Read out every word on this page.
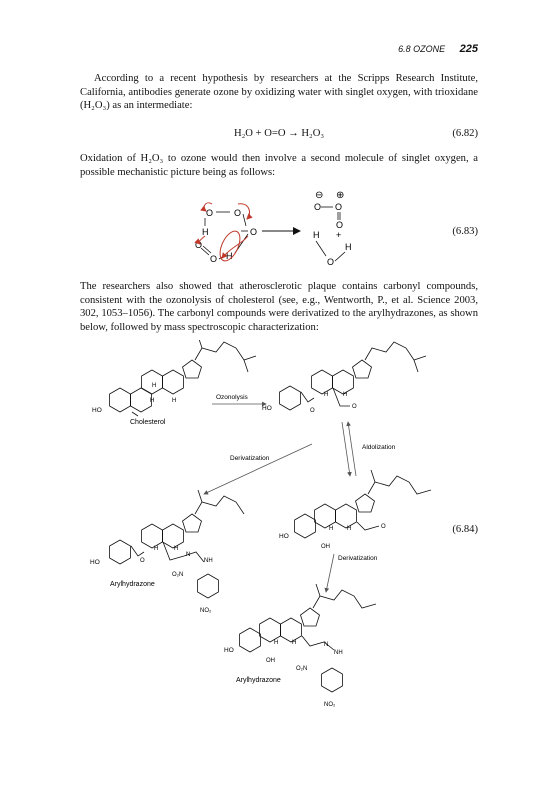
6.8 OZONE 225

According to a recent hypothesis by researchers at the Scripps Research Institute, California, antibodies generate ozone by oxidizing water with singlet oxygen, with trioxidane (H₂O₃) as an intermediate:

H₂O + O=O → H₂O₃	(6.82)

Oxidation of H₂O₃ to ozone would then involve a second molecule of singlet oxygen, a possible mechanistic picture being as follows:

O O
H	O
O
O H
⊖ ⊕
O O
O
H +
O
H
(6.83)

The researchers also showed that atherosclerotic plaque contains carbonyl compounds, consistent with the ozonolysis of cholesterol (see, e.g., Wentworth, P., et al. Science 2003, 302, 1053–1056). The carbonyl compounds were derivatized to the arylhydrazones, as shown below, followed by mass spectroscopic characterization:

HO
H	H
H
Cholesterol
Ozonolysis
HO	O
O
H H
Aldolization
Derivatization
HO	O
N
NH
O₂N
NO₂
H	H
Arylhydrazone
HO
OH
O
H H
Derivatization
HO
OH
N
NH
O₂N
NO₂
H H
Arylhydrazone
(6.84)
